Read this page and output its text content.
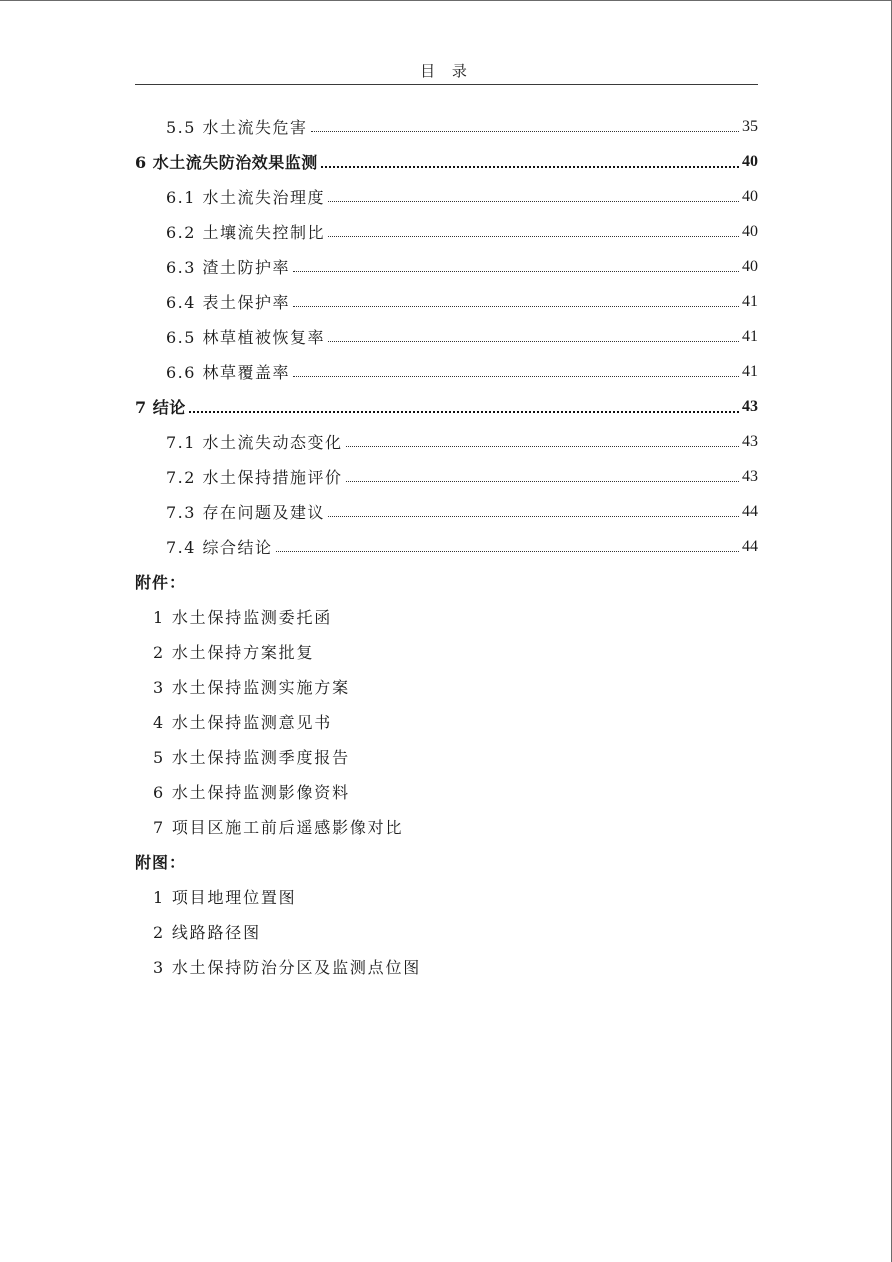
目 录
5.5 水土流失危害	35
6 水土流失防治效果监测	40
6.1 水土流失治理度	40
6.2 土壤流失控制比	40
6.3 渣土防护率	40
6.4 表土保护率	41
6.5 林草植被恢复率	41
6.6 林草覆盖率	41
7 结论	43
7.1 水土流失动态变化	43
7.2 水土保持措施评价	43
7.3 存在问题及建议	44
7.4 综合结论	44
附件：
1 水土保持监测委托函
2 水土保持方案批复
3 水土保持监测实施方案
4 水土保持监测意见书
5 水土保持监测季度报告
6 水土保持监测影像资料
7 项目区施工前后遥感影像对比
附图：
1 项目地理位置图
2 线路路径图
3 水土保持防治分区及监测点位图
